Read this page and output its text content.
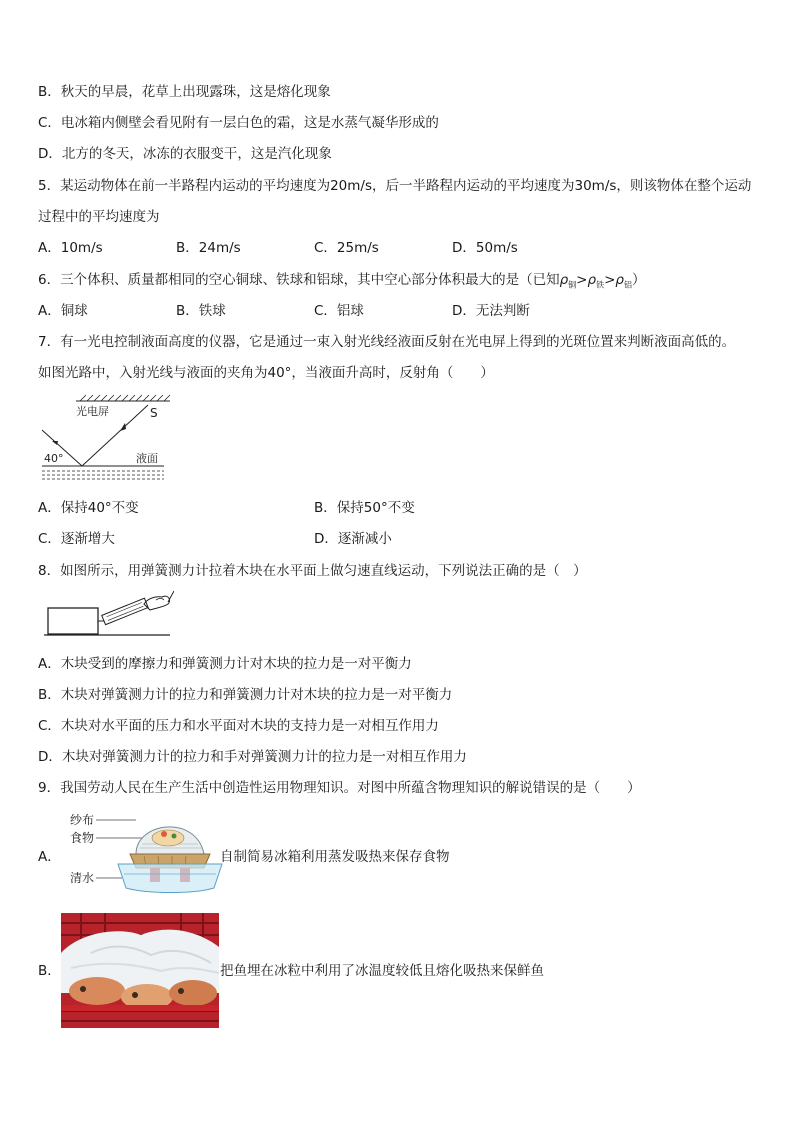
B．秋天的早晨，花草上出现露珠，这是熔化现象
C．电冰箱内侧壁会看见附有一层白色的霜，这是水蒸气凝华形成的
D．北方的冬天，冰冻的衣服变干，这是汽化现象
5．某运动物体在前一半路程内运动的平均速度为20m/s，后一半路程内运动的平均速度为30m/s，则该物体在整个运动过程中的平均速度为
A．10m/s	B．24m/s	C．25m/s	D．50m/s
6．三个体积、质量都相同的空心铜球、铁球和铝球，其中空心部分体积最大的是（已知$\rho_铜>\rho_铁>\rho_铝$）
A．铜球	B．铁球	C．铝球	D．无法判断
7．有一光电控制液面高度的仪器，它是通过一束入射光线经液面反射在光电屏上得到的光斑位置来判断液面高低的。
如图光路中，入射光线与液面的夹角为40°，当液面升高时，反射角（　　）
光电屏	S
40°	液面
A．保持40°不变	B．保持50°不变
C．逐渐增大	D．逐渐减小
8．如图所示，用弹簧测力计拉着木块在水平面上做匀速直线运动，下列说法正确的是（　）
A．木块受到的摩擦力和弹簧测力计对木块的拉力是一对平衡力
B．木块对弹簧测力计的拉力和弹簧测力计对木块的拉力是一对平衡力
C．木块对水平面的压力和水平面对木块的支持力是一对相互作用力
D．木块对弹簧测力计的拉力和手对弹簧测力计的拉力是一对相互作用力
9．我国劳动人民在生产生活中创造性运用物理知识。对图中所蕴含物理知识的解说错误的是（　　）
A．
纱布
食物
清水
自制简易冰箱利用蒸发吸热来保存食物
B．	把鱼埋在冰粒中利用了冰温度较低且熔化吸热来保鲜鱼
